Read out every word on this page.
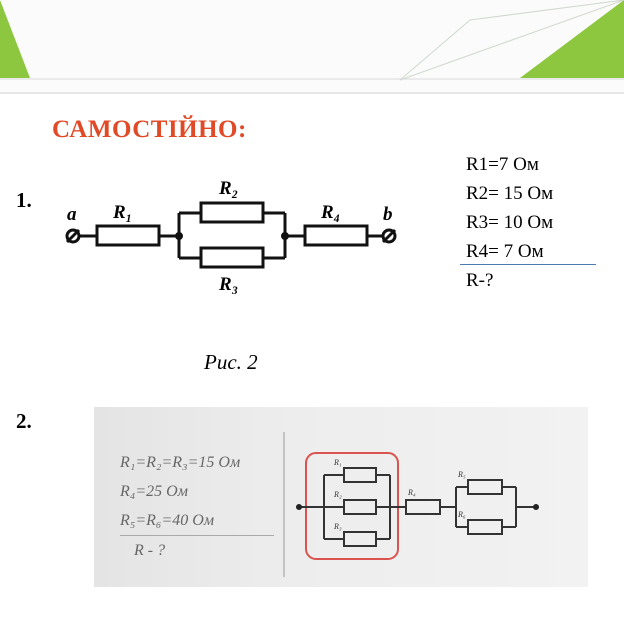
САМОСТІЙНО:
1.
a	b
R₁
R₂
R₃
R₄
Рис. 2
R1=7 Ом
R2= 15 Ом
R3= 10 Ом
R4= 7 Ом
R-?
2.
R₁=R₂=R₃=15 Ом
R₄=25 Ом
R₅=R₆=40 Ом
R - ?
R₁
R₂
R₃
R₄
R₅
R₆
